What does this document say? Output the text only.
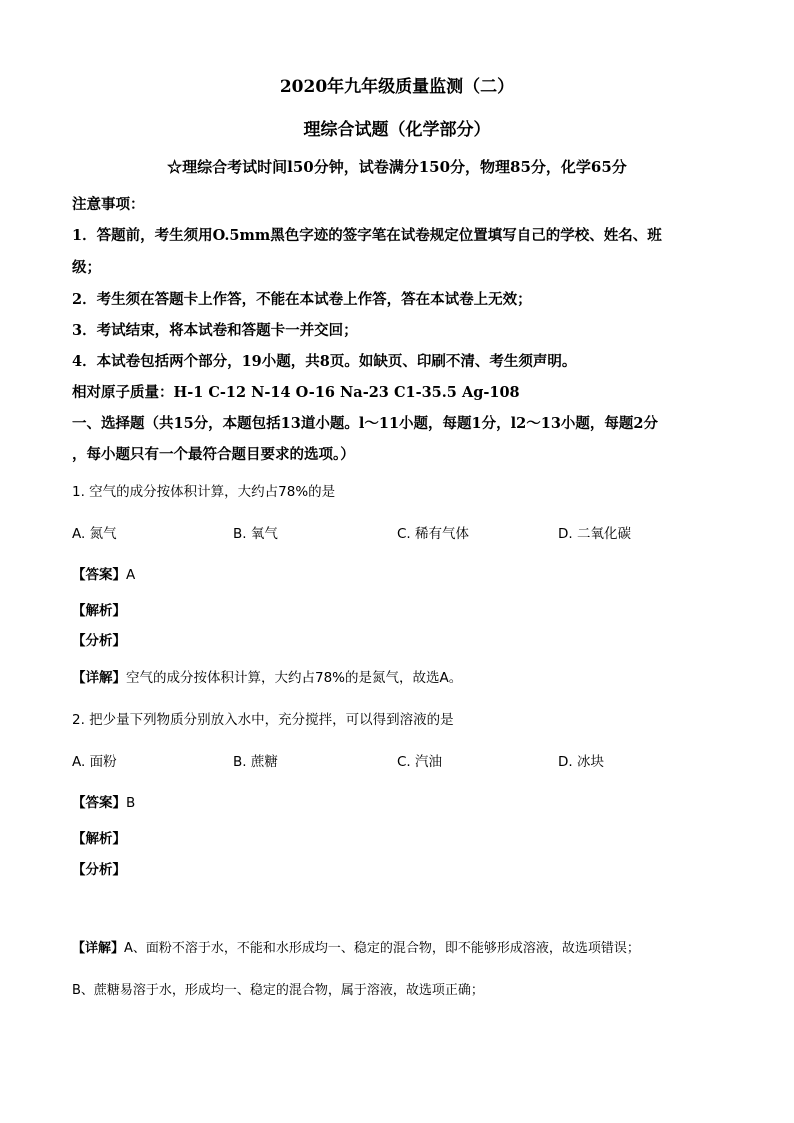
2020年九年级质量监测（二）
理综合试题（化学部分）
☆理综合考试时间l50分钟，试卷满分150分，物理85分，化学65分
注意事项：
1．答题前，考生须用O.5mm黑色字迹的签字笔在试卷规定位置填写自己的学校、姓名、班
级；
2．考生须在答题卡上作答，不能在本试卷上作答，答在本试卷上无效；
3．考试结束，将本试卷和答题卡一并交回；
4．本试卷包括两个部分，19小题，共8页。如缺页、印刷不清、考生须声明。
相对原子质量：H-1 C-12 N-14 O-16 Na-23 C1-35.5 Ag-108
一、选择题（共15分，本题包括13道小题。l～11小题，每题1分，l2～13小题，每题2分
，每小题只有一个最符合题目要求的选项。）
1. 空气的成分按体积计算，大约占78%的是
A. 氮气	B. 氧气	C. 稀有气体	D. 二氧化碳
【答案】A
【解析】
【分析】
【详解】空气的成分按体积计算，大约占78%的是氮气，故选A。
2. 把少量下列物质分别放入水中，充分搅拌，可以得到溶液的是
A. 面粉	B. 蔗糖	C. 汽油	D. 冰块
【答案】B
【解析】
【分析】
【详解】A、面粉不溶于水，不能和水形成均一、稳定的混合物，即不能够形成溶液，故选项错误；
B、蔗糖易溶于水，形成均一、稳定的混合物，属于溶液，故选项正确；
